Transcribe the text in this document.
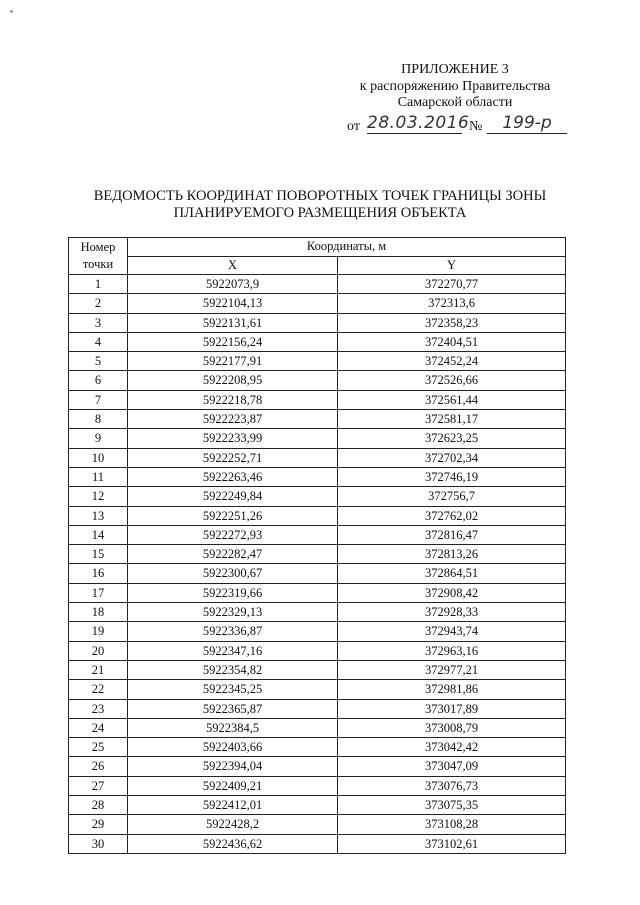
ПРИЛОЖЕНИЕ 3
к распоряжению Правительства
Самарской области
от 28.03.2016 №	199-р
ВЕДОМОСТЬ КООРДИНАТ ПОВОРОТНЫХ ТОЧЕК ГРАНИЦЫ ЗОНЫ
ПЛАНИРУЕМОГО РАЗМЕЩЕНИЯ ОБЪЕКТА
Номер
точки	Координаты, м	
	X	Y
1	5922073,9	372270,77
2	5922104,13	372313,6
3	5922131,61	372358,23
4	5922156,24	372404,51
5	5922177,91	372452,24
6	5922208,95	372526,66
7	5922218,78	372561,44
8	5922223,87	372581,17
9	5922233,99	372623,25
10	5922252,71	372702,34
11	5922263,46	372746,19
12	5922249,84	372756,7
13	5922251,26	372762,02
14	5922272,93	372816,47
15	5922282,47	372813,26
16	5922300,67	372864,51
17	5922319,66	372908,42
18	5922329,13	372928,33
19	5922336,87	372943,74
20	5922347,16	372963,16
21	5922354,82	372977,21
22	5922345,25	372981,86
23	5922365,87	373017,89
24	5922384,5	373008,79
25	5922403,66	373042,42
26	5922394,04	373047,09
27	5922409,21	373076,73
28	5922412,01	373075,35
29	5922428,2	373108,28
30	5922436,62	373102,61
